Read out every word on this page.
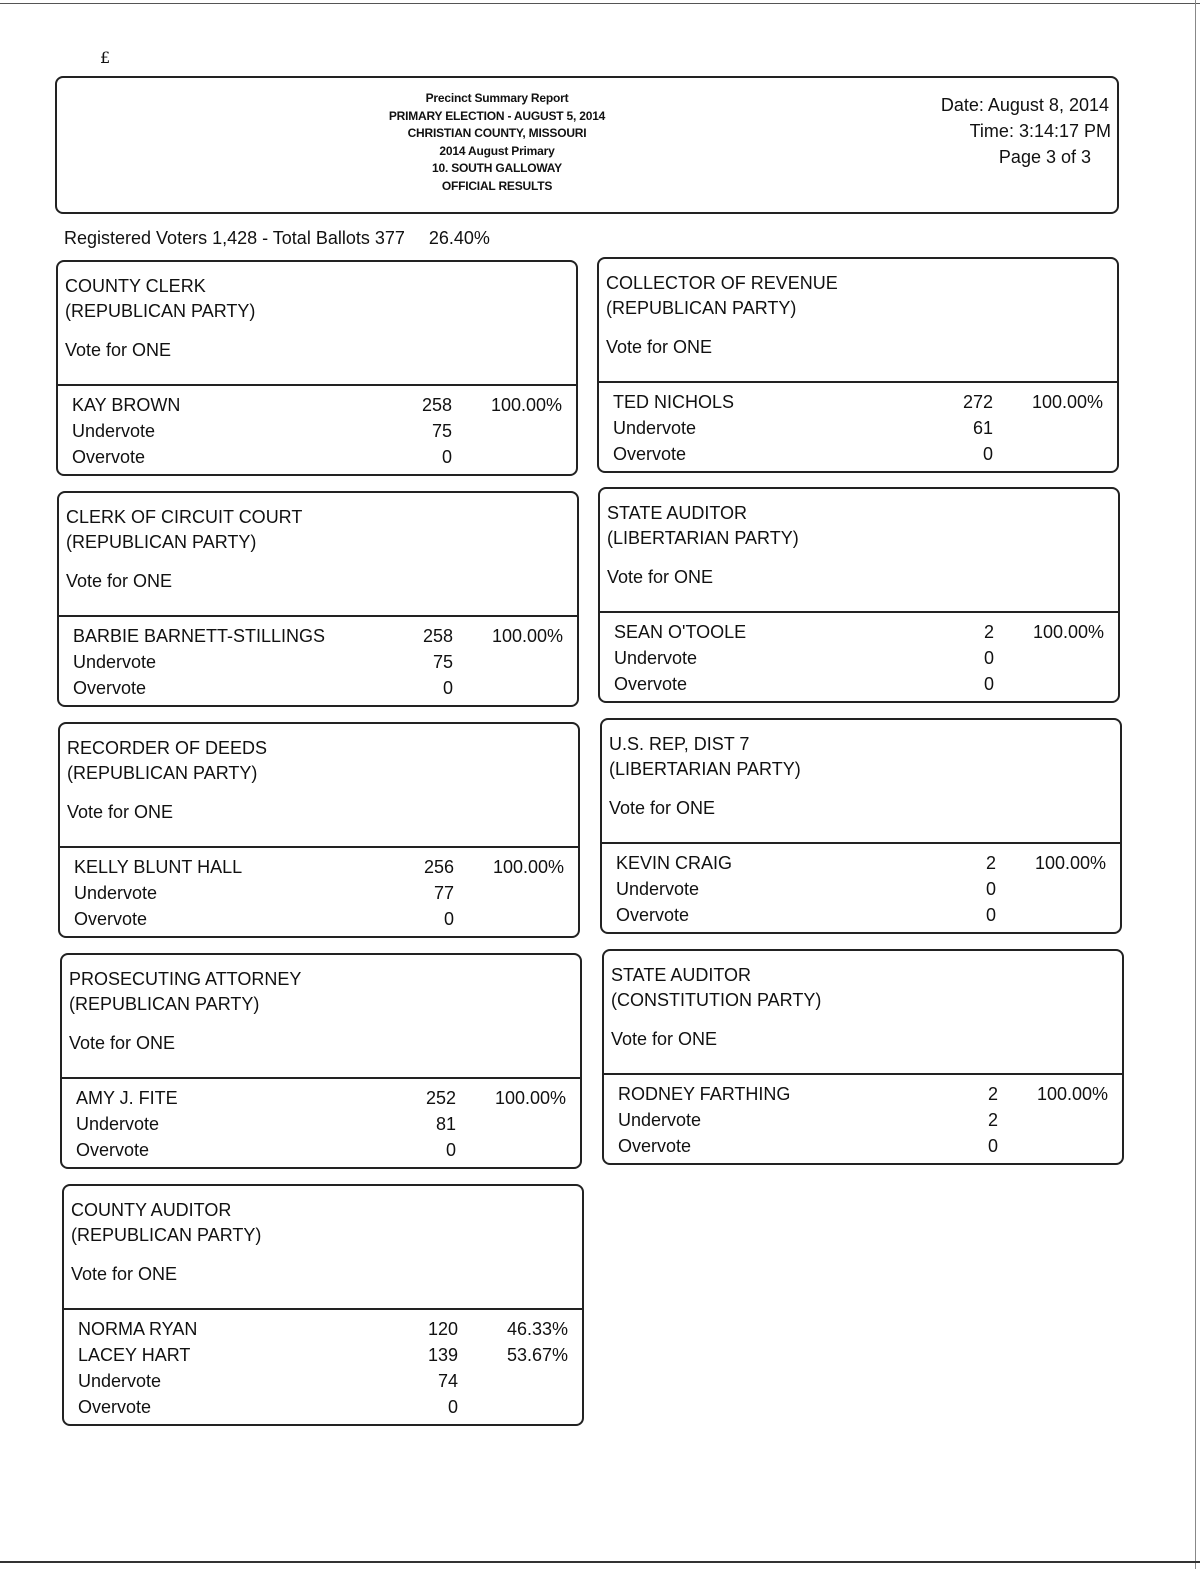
£
Precinct Summary Report
PRIMARY ELECTION - AUGUST 5, 2014
CHRISTIAN COUNTY, MISSOURI
2014 August Primary
10. SOUTH GALLOWAY
OFFICIAL RESULTS
Date: August 8, 2014
Time: 3:14:17 PM
Page 3 of 3
Registered Voters 1,428 - Total Ballots 377 26.40%
COUNTY CLERK
(REPUBLICAN PARTY)
Vote for ONE
KAY BROWN	258 100.00%
Undervote	75
Overvote	0
COLLECTOR OF REVENUE
(REPUBLICAN PARTY)
Vote for ONE
TED NICHOLS	272 100.00%
Undervote	61
Overvote	0
CLERK OF CIRCUIT COURT
(REPUBLICAN PARTY)
Vote for ONE
BARBIE BARNETT-STILLINGS	258 100.00%
Undervote	75
Overvote	0
STATE AUDITOR
(LIBERTARIAN PARTY)
Vote for ONE
SEAN O'TOOLE	2 100.00%
Undervote	0
Overvote	0
RECORDER OF DEEDS
(REPUBLICAN PARTY)
Vote for ONE
KELLY BLUNT HALL	256 100.00%
Undervote	77
Overvote	0
U.S. REP, DIST 7
(LIBERTARIAN PARTY)
Vote for ONE
KEVIN CRAIG	2 100.00%
Undervote	0
Overvote	0
PROSECUTING ATTORNEY
(REPUBLICAN PARTY)
Vote for ONE
AMY J. FITE	252 100.00%
Undervote	81
Overvote	0
STATE AUDITOR
(CONSTITUTION PARTY)
Vote for ONE
RODNEY FARTHING	2 100.00%
Undervote	2
Overvote	0
COUNTY AUDITOR
(REPUBLICAN PARTY)
Vote for ONE
NORMA RYAN	120	46.33%
LACEY HART	139	53.67%
Undervote	74
Overvote	0
